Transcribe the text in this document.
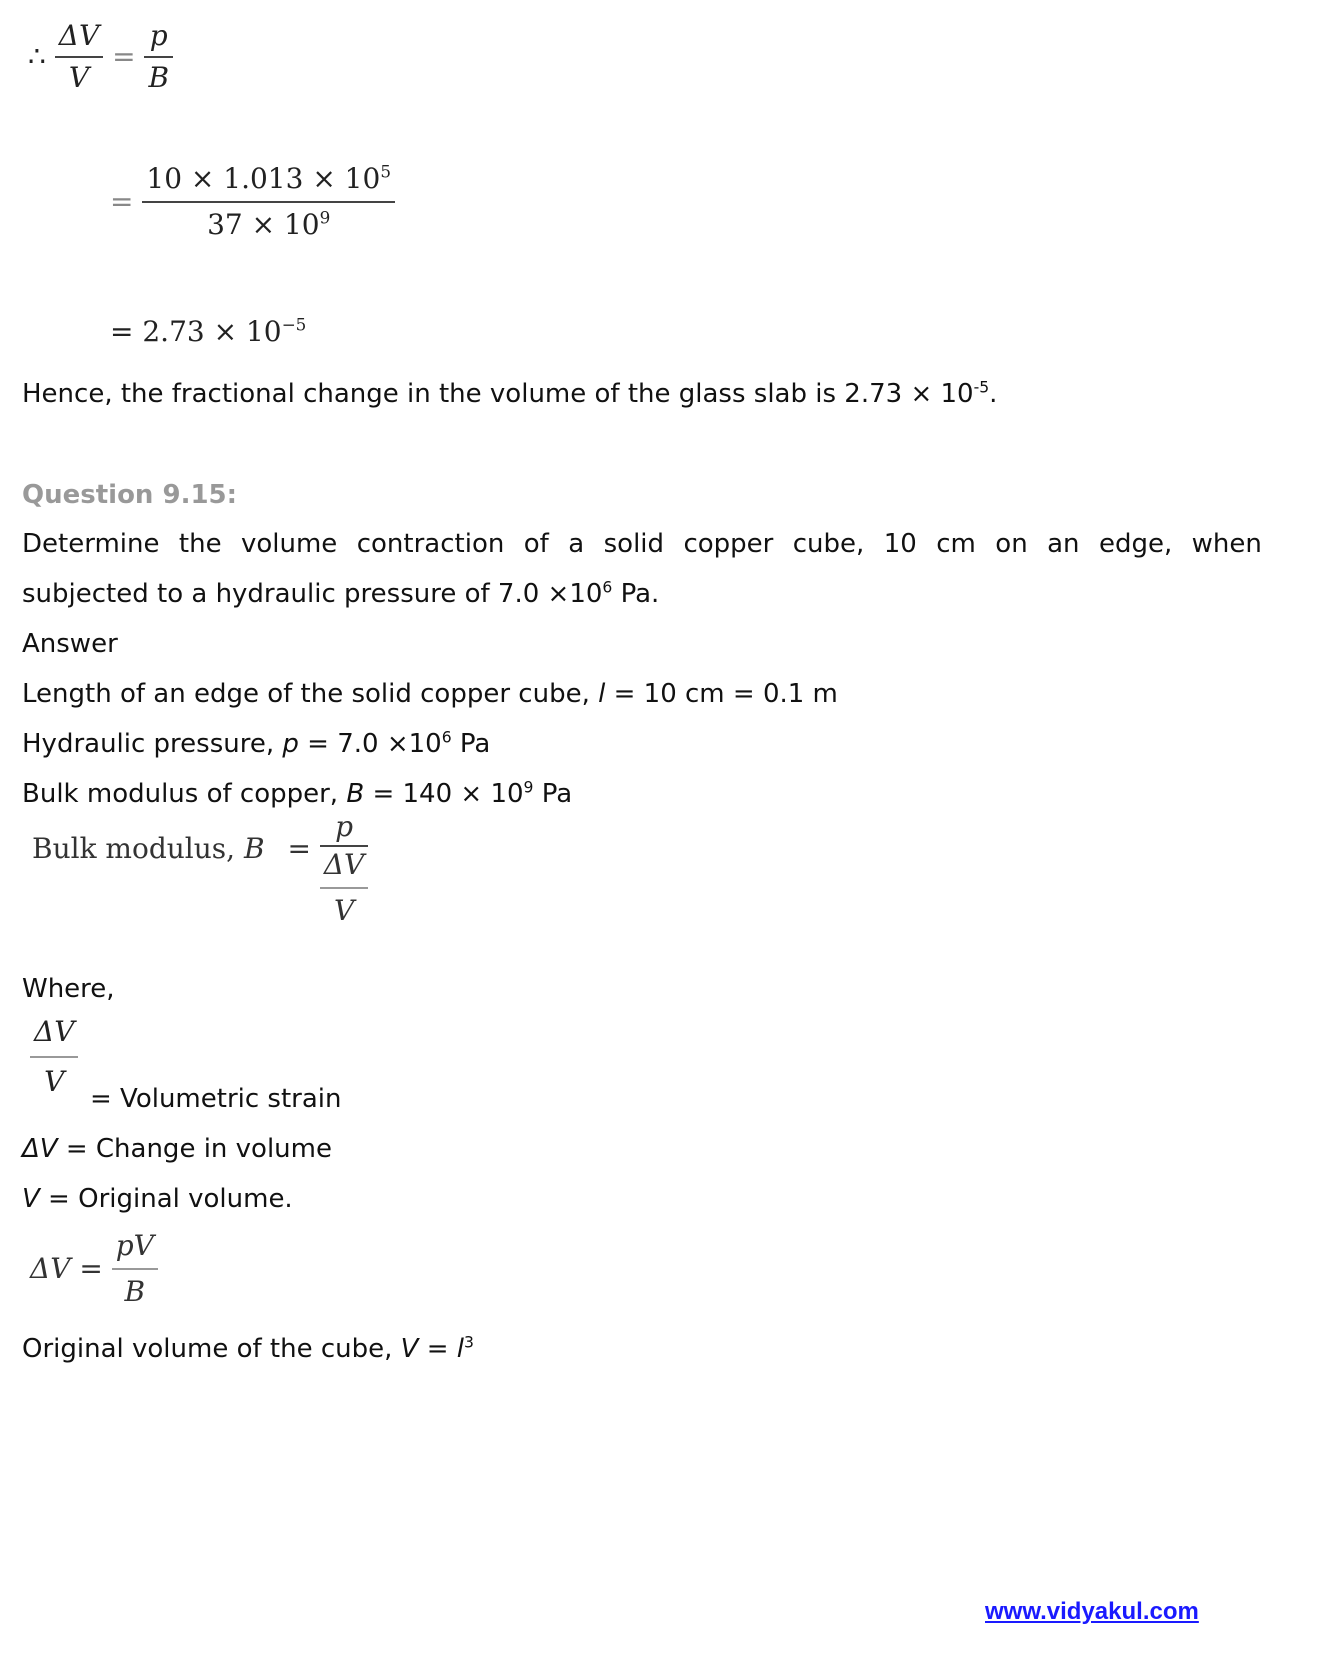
∴ $\frac{\Delta V}{V} = \frac{p}{B}$
= $\frac{10 \times 1.013 \times 10^5}{37 \times 10^9}$
= $2.73 \times 10^{-5}$
Hence, the fractional change in the volume of the glass slab is $2.73 \times 10^{-5}$.
Question 9.15:
Determine the volume contraction of a solid copper cube, 10 cm on an edge, when
subjected to a hydraulic pressure of $7.0 \times 10^6$ Pa.
Answer
Length of an edge of the solid copper cube, l = 10 cm = 0.1 m
Hydraulic pressure, $p = 7.0 \times 10^6$ Pa
Bulk modulus of copper, $B = 140 \times 10^9$ Pa
Bulk modulus, $B = \frac{p}{\frac{\Delta V}{V}}$
Where,
$\frac{\Delta V}{V}$
= Volumetric strain
ΔV = Change in volume
V = Original volume.
$\Delta V = \frac{pV}{B}$
Original volume of the cube, $V = l^3$
www.vidyakul.com
